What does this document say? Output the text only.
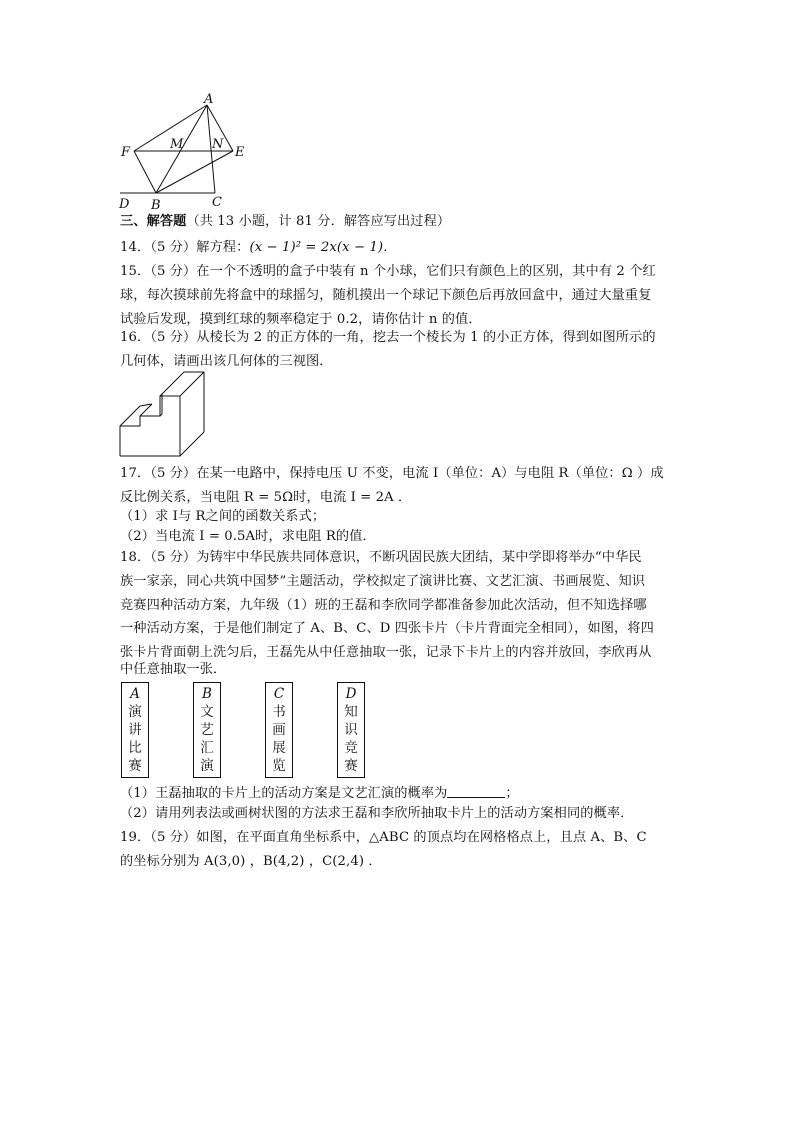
A
M N
F	E
D B	C
三、解答题（共 13 小题，计 81 分．解答应写出过程）
14．（5 分）解方程：(x − 1)² = 2x(x − 1)．
15．（5 分）在一个不透明的盒子中装有 n 个小球，它们只有颜色上的区别，其中有 2 个红
球，每次摸球前先将盒中的球摇匀，随机摸出一个球记下颜色后再放回盒中，通过大量重复
试验后发现，摸到红球的频率稳定于 0.2，请你估计 n 的值．
16．（5 分）从棱长为 2 的正方体的一角，挖去一个棱长为 1 的小正方体，得到如图所示的
几何体，请画出该几何体的三视图．
17．（5 分）在某一电路中，保持电压 U 不变，电流 I（单位：A）与电阻 R（单位：Ω ）成
反比例关系，当电阻 R = 5Ω时，电流 I = 2A ．
（1）求 I与 R之间的函数关系式；
（2）当电流 I = 0.5A时，求电阻 R的值．
18．（5 分）为铸牢中华民族共同体意识，不断巩固民族大团结，某中学即将举办“中华民
族一家亲，同心共筑中国梦”主题活动，学校拟定了演讲比赛、文艺汇演、书画展览、知识
竞赛四种活动方案，九年级（1）班的王磊和李欣同学都准备参加此次活动，但不知选择哪
一种活动方案，于是他们制定了 A、B、C、D 四张卡片（卡片背面完全相同），如图，将四
张卡片背面朝上洗匀后，王磊先从中任意抽取一张，记录下卡片上的内容并放回，李欣再从
中任意抽取一张．
A
演
讲
比
赛
B
文
艺
汇
演
C
书
画
展
览
D
知
识
竞
赛
（1）王磊抽取的卡片上的活动方案是文艺汇演的概率为	；
（2）请用列表法或画树状图的方法求王磊和李欣所抽取卡片上的活动方案相同的概率．
19．（5 分）如图，在平面直角坐标系中，△ABC 的顶点均在网格格点上，且点 A、B、C
的坐标分别为 A(3,0) ，B(4,2) ，C(2,4) ．
